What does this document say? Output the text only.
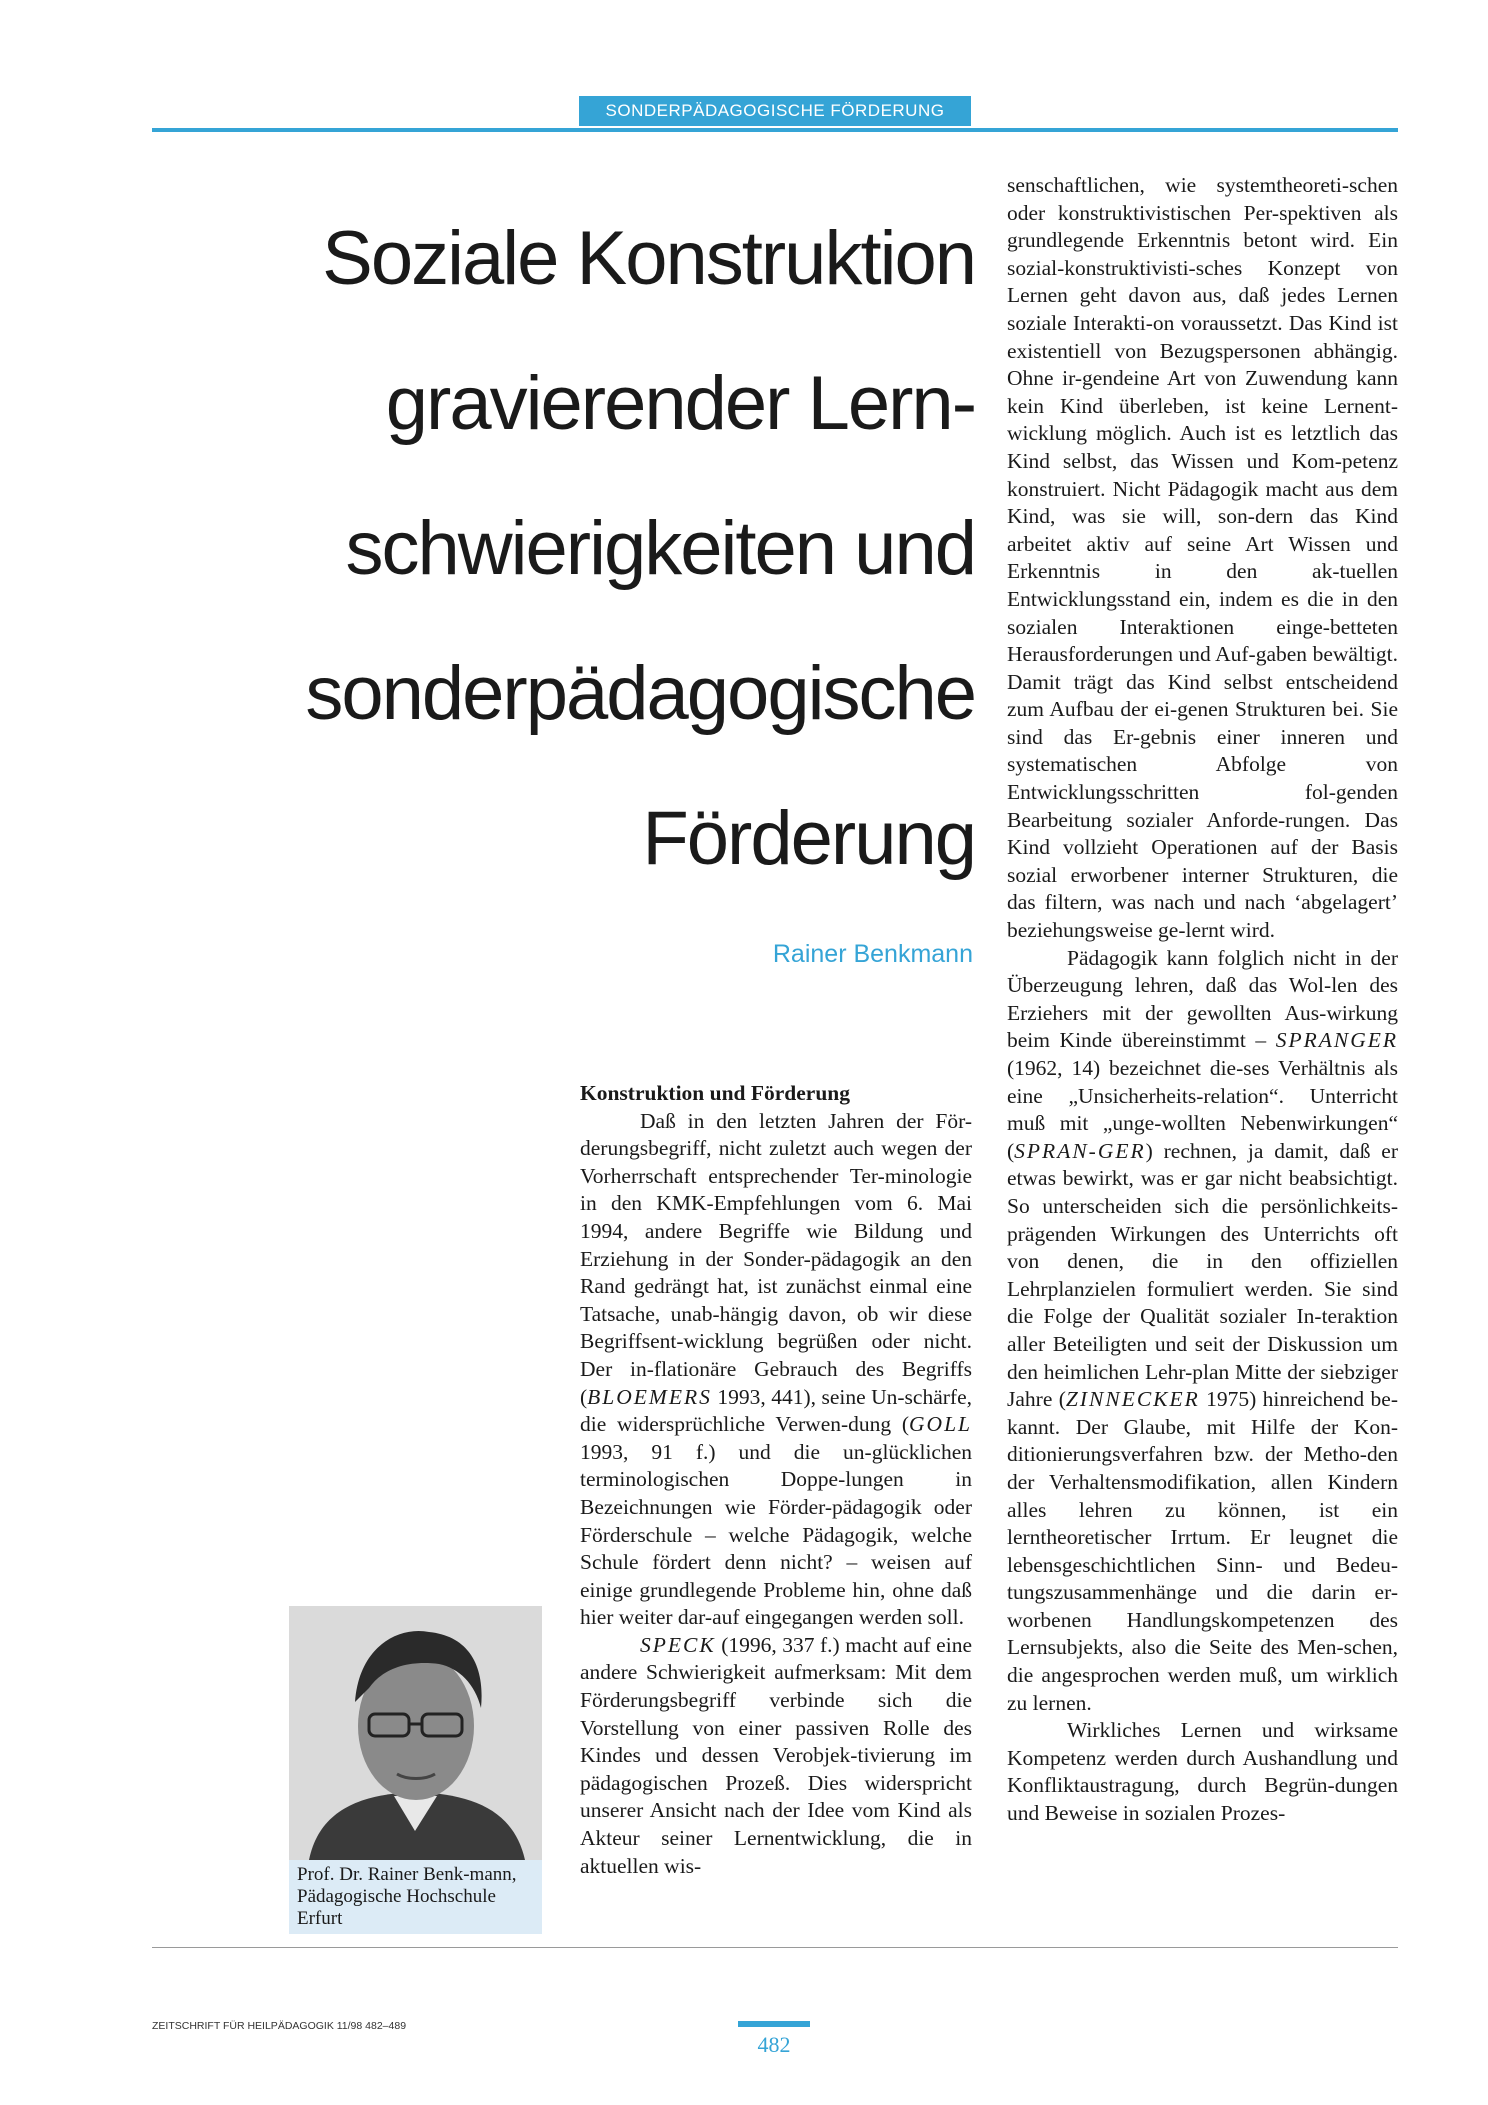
SONDERPÄDAGOGISCHE FÖRDERUNG
Soziale Konstruktion
gravierender Lern-
schwierigkeiten und
sonderpädagogische
Förderung
Rainer Benkmann
Prof. Dr. Rainer Benk-mann, Pädagogische Hochschule Erfurt
Konstruktion und Förderung

Daß in den letzten Jahren der För-derungsbegriff, nicht zuletzt auch wegen der Vorherrschaft entsprechender Ter-minologie in den KMK-Empfehlungen vom 6. Mai 1994, andere Begriffe wie Bildung und Erziehung in der Sonder-pädagogik an den Rand gedrängt hat, ist zunächst einmal eine Tatsache, unab-hängig davon, ob wir diese Begriffsent-wicklung begrüßen oder nicht. Der in-flationäre Gebrauch des Begriffs (BLOEMERS 1993, 441), seine Un-schärfe, die widersprüchliche Verwen-dung (GOLL 1993, 91 f.) und die un-glücklichen terminologischen Doppe-lungen in Bezeichnungen wie Förder-pädagogik oder Förderschule – welche Pädagogik, welche Schule fördert denn nicht? – weisen auf einige grundlegende Probleme hin, ohne daß hier weiter dar-auf eingegangen werden soll.

SPECK (1996, 337 f.) macht auf eine andere Schwierigkeit aufmerksam: Mit dem Förderungsbegriff verbinde sich die Vorstellung von einer passiven Rolle des Kindes und dessen Verobjek-tivierung im pädagogischen Prozeß. Dies widerspricht unserer Ansicht nach der Idee vom Kind als Akteur seiner Lernentwicklung, die in aktuellen wis-

senschaftlichen, wie systemtheoreti-schen oder konstruktivistischen Per-spektiven als grundlegende Erkenntnis betont wird. Ein sozial-konstruktivisti-sches Konzept von Lernen geht davon aus, daß jedes Lernen soziale Interakti-on voraussetzt. Das Kind ist existentiell von Bezugspersonen abhängig. Ohne ir-gendeine Art von Zuwendung kann kein Kind überleben, ist keine Lernent-wicklung möglich. Auch ist es letztlich das Kind selbst, das Wissen und Kom-petenz konstruiert. Nicht Pädagogik macht aus dem Kind, was sie will, son-dern das Kind arbeitet aktiv auf seine Art Wissen und Erkenntnis in den ak-tuellen Entwicklungsstand ein, indem es die in den sozialen Interaktionen einge-betteten Herausforderungen und Auf-gaben bewältigt. Damit trägt das Kind selbst entscheidend zum Aufbau der ei-genen Strukturen bei. Sie sind das Er-gebnis einer inneren und systematischen Abfolge von Entwicklungsschritten fol-genden Bearbeitung sozialer Anforde-rungen. Das Kind vollzieht Operationen auf der Basis sozial erworbener interner Strukturen, die das filtern, was nach und nach ‘abgelagert’ beziehungsweise ge-lernt wird.

Pädagogik kann folglich nicht in der Überzeugung lehren, daß das Wol-len des Erziehers mit der gewollten Aus-wirkung beim Kinde übereinstimmt – SPRANGER (1962, 14) bezeichnet die-ses Verhältnis als eine „Unsicherheits-relation“. Unterricht muß mit „unge-wollten Nebenwirkungen“ (SPRAN-GER) rechnen, ja damit, daß er etwas bewirkt, was er gar nicht beabsichtigt. So unterscheiden sich die persönlichkeits-prägenden Wirkungen des Unterrichts oft von denen, die in den offiziellen Lehrplanzielen formuliert werden. Sie sind die Folge der Qualität sozialer In-teraktion aller Beteiligten und seit der Diskussion um den heimlichen Lehr-plan Mitte der siebziger Jahre (ZINNECKER 1975) hinreichend be-kannt. Der Glaube, mit Hilfe der Kon-ditionierungsverfahren bzw. der Metho-den der Verhaltensmodifikation, allen Kindern alles lehren zu können, ist ein lerntheoretischer Irrtum. Er leugnet die lebensgeschichtlichen Sinn- und Bedeu-tungszusammenhänge und die darin er-worbenen Handlungskompetenzen des Lernsubjekts, also die Seite des Men-schen, die angesprochen werden muß, um wirklich zu lernen.

Wirkliches Lernen und wirksame Kompetenz werden durch Aushandlung und Konfliktaustragung, durch Begrün-dungen und Beweise in sozialen Prozes-

ZEITSCHRIFT FÜR HEILPÄDAGOGIK 11/98 482–489
482
